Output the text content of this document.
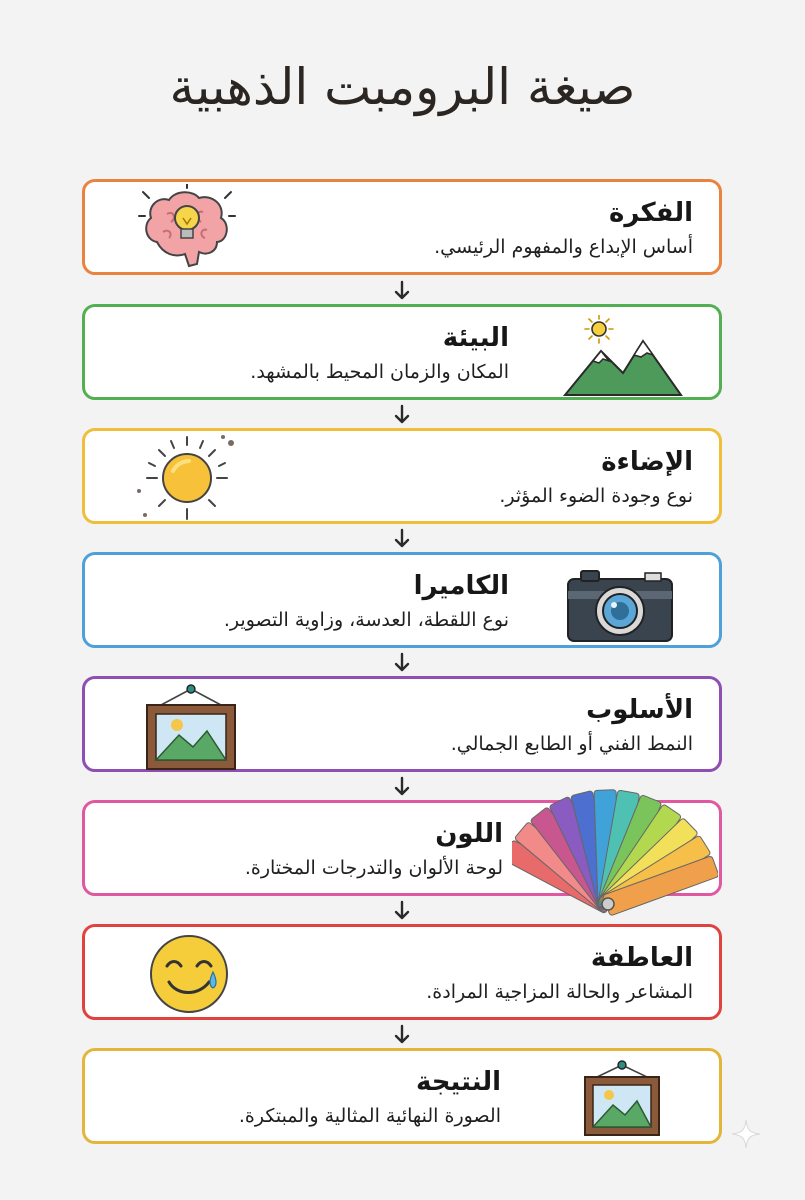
صيغة البرومبت الذهبية
الفكرة
أساس الإبداع والمفهوم الرئيسي.
البيئة
المكان والزمان المحيط بالمشهد.
الإضاءة
نوع وجودة الضوء المؤثر.
الكاميرا
نوع اللقطة، العدسة، وزاوية التصوير.
الأسلوب
النمط الفني أو الطابع الجمالي.
اللون
لوحة الألوان والتدرجات المختارة.
العاطفة
المشاعر والحالة المزاجية المرادة.
النتيجة
الصورة النهائية المثالية والمبتكرة.
